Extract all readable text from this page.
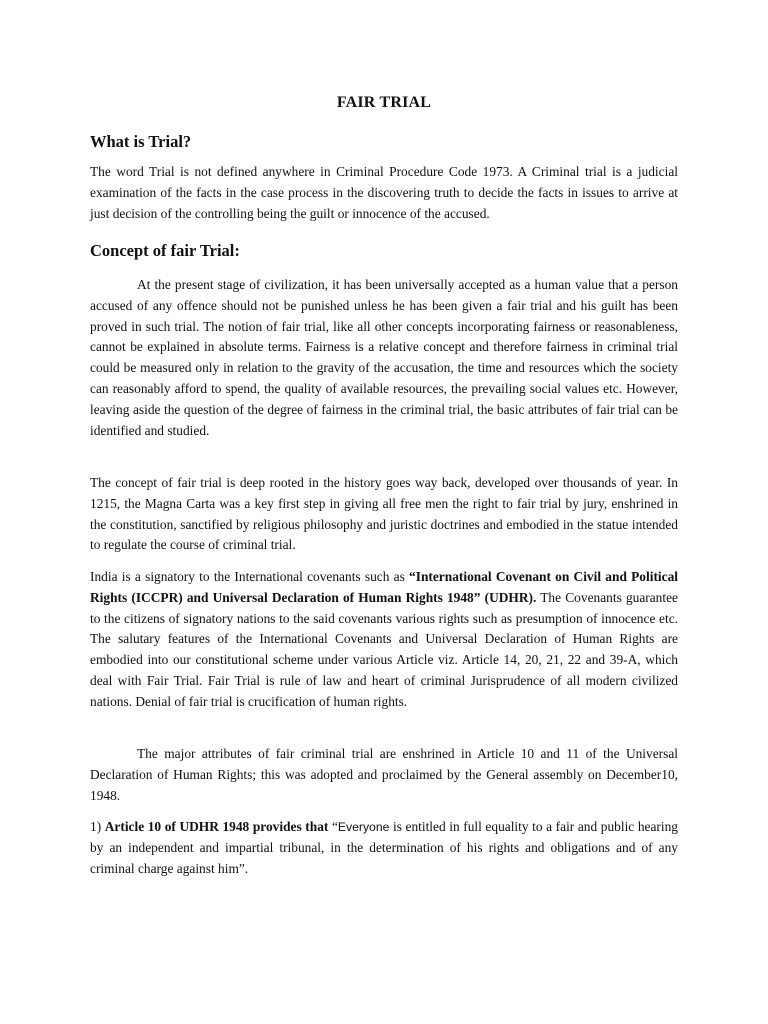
FAIR TRIAL
What is Trial?

The word Trial is not defined anywhere in Criminal Procedure Code 1973. A Criminal trial is a judicial examination of the facts in the case process in the discovering truth to decide the facts in issues to arrive at just decision of the controlling being the guilt or innocence of the accused.

Concept of fair Trial:

At the present stage of civilization, it has been universally accepted as a human value that a person accused of any offence should not be punished unless he has been given a fair trial and his guilt has been proved in such trial. The notion of fair trial, like all other concepts incorporating fairness or reasonableness, cannot be explained in absolute terms. Fairness is a relative concept and therefore fairness in criminal trial could be measured only in relation to the gravity of the accusation, the time and resources which the society can reasonably afford to spend, the quality of available resources, the prevailing social values etc. However, leaving aside the question of the degree of fairness in the criminal trial, the basic attributes of fair trial can be identified and studied.

The concept of fair trial is deep rooted in the history goes way back, developed over thousands of year. In 1215, the Magna Carta was a key first step in giving all free men the right to fair trial by jury, enshrined in the constitution, sanctified by religious philosophy and juristic doctrines and embodied in the statue intended to regulate the course of criminal trial.

India is a signatory to the International covenants such as “International Covenant on Civil and Political Rights (ICCPR) and Universal Declaration of Human Rights 1948” (UDHR). The Covenants guarantee to the citizens of signatory nations to the said covenants various rights such as presumption of innocence etc. The salutary features of the International Covenants and Universal Declaration of Human Rights are embodied into our constitutional scheme under various Article viz. Article 14, 20, 21, 22 and 39-A, which deal with Fair Trial. Fair Trial is rule of law and heart of criminal Jurisprudence of all modern civilized nations. Denial of fair trial is crucification of human rights.

The major attributes of fair criminal trial are enshrined in Article 10 and 11 of the Universal Declaration of Human Rights; this was adopted and proclaimed by the General assembly on December10, 1948.

1) Article 10 of UDHR 1948 provides that “Everyone is entitled in full equality to a fair and public hearing by an independent and impartial tribunal, in the determination of his rights and obligations and of any criminal charge against him”.
